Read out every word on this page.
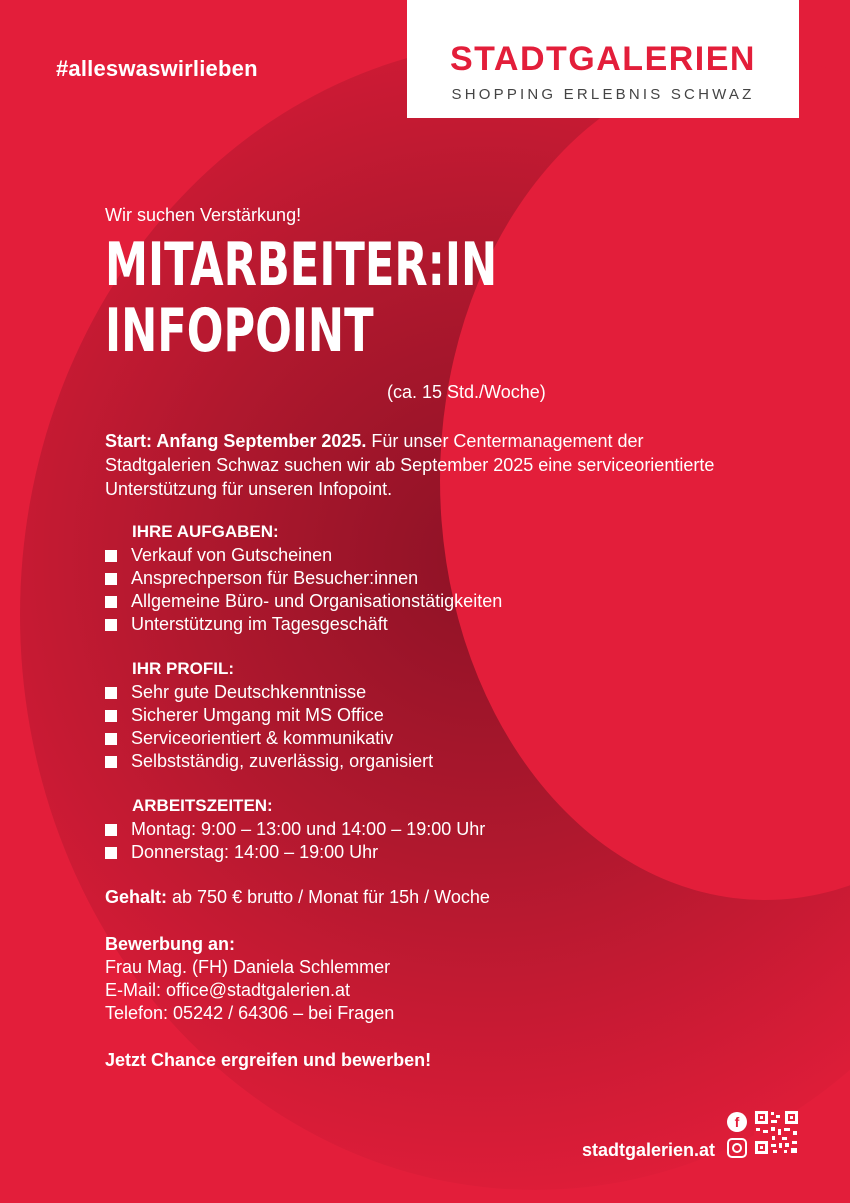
#alleswaswirlieben	STADTGALERIEN
SHOPPING ERLEBNIS SCHWAZ
Wir suchen Verstärkung!
MITARBEITER:IN
INFOPOINT
(ca. 15 Std./Woche)
Start: Anfang September 2025. Für unser Centermanagement der Stadtgalerien Schwaz suchen wir ab September 2025 eine serviceorientierte Unterstützung für unseren Infopoint.
IHRE AUFGABEN:
Verkauf von Gutscheinen
Ansprechperson für Besucher:innen
Allgemeine Büro- und Organisationstätigkeiten
Unterstützung im Tagesgeschäft
IHR PROFIL:
Sehr gute Deutschkenntnisse
Sicherer Umgang mit MS Office
Serviceorientiert & kommunikativ
Selbstständig, zuverlässig, organisiert
ARBEITSZEITEN:
Montag: 9:00 – 13:00 und 14:00 – 19:00 Uhr
Donnerstag: 14:00 – 19:00 Uhr
Gehalt: ab 750 € brutto / Monat für 15h / Woche
Bewerbung an:
Frau Mag. (FH) Daniela Schlemmer
E-Mail: office@stadtgalerien.at
Telefon: 05242 / 64306 – bei Fragen
Jetzt Chance ergreifen und bewerben!
stadtgalerien.at
f
